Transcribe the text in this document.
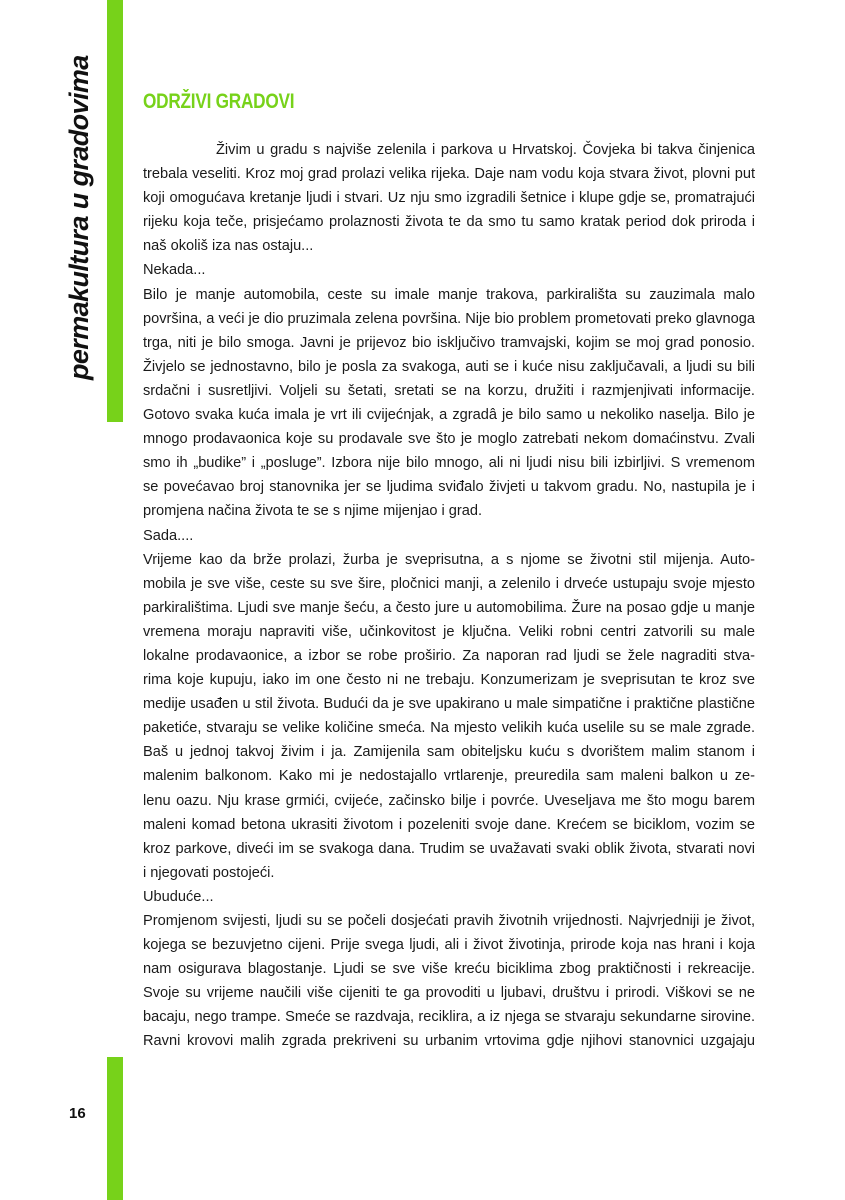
permakultura u gradovima ODRŽIVI GRADOVI
Živim u gradu s najviše zelenila i parkova u Hrvatskoj. Čovjeka bi takva činjenica
trebala veseliti. Kroz moj grad prolazi velika rijeka. Daje nam vodu koja stvara život, plovni put
koji omogućava kretanje ljudi i stvari. Uz nju smo izgradili šetnice i klupe gdje se, promatrajući
rijeku koja teče, prisjećamo prolaznosti života te da smo tu samo kratak period dok priroda i
naš okoliš iza nas ostaju...
Nekada...
Bilo je manje automobila, ceste su imale manje trakova, parkirališta su zauzimala malo
površina, a veći je dio pruzimala zelena površina. Nije bio problem prometovati preko glavnoga
trga, niti je bilo smoga. Javni je prijevoz bio isključivo tramvajski, kojim se moj grad ponosio.
Živjelo se jednostavno, bilo je posla za svakoga, auti se i kuće nisu zaključavali, a ljudi su bili
srdačni i susretljivi. Voljeli su šetati, sretati se na korzu, družiti i razmjenjivati informacije.
Gotovo svaka kuća imala je vrt ili cvijećnjak, a zgradâ je bilo samo u nekoliko naselja. Bilo je
mnogo prodavaonica koje su prodavale sve što je moglo zatrebati nekom domaćinstvu. Zvali
smo ih „budike” i „posluge”. Izbora nije bilo mnogo, ali ni ljudi nisu bili izbirljivi. S vremenom
se povećavao broj stanovnika jer se ljudima sviđalo živjeti u takvom gradu. No, nastupila je i
promjena načina života te se s njime mijenjao i grad.
Sada....
Vrijeme kao da brže prolazi, žurba je sveprisutna, a s njome se životni stil mijenja. Auto-
mobila je sve više, ceste su sve šire, pločnici manji, a zelenilo i drveće ustupaju svoje mjesto
parkiralištima. Ljudi sve manje šeću, a često jure u automobilima. Žure na posao gdje u manje
vremena moraju napraviti više, učinkovitost je ključna. Veliki robni centri zatvorili su male
lokalne prodavaonice, a izbor se robe proširio. Za naporan rad ljudi se žele nagraditi stva-
rima koje kupuju, iako im one često ni ne trebaju. Konzumerizam je sveprisutan te kroz sve
medije usađen u stil života. Budući da je sve upakirano u male simpatične i praktične plastične
paketiće, stvaraju se velike količine smeća. Na mjesto velikih kuća uselile su se male zgrade.
Baš u jednoj takvoj živim i ja. Zamijenila sam obiteljsku kuću s dvorištem malim stanom i
malenim balkonom. Kako mi je nedostajallo vrtlarenje, preuredila sam maleni balkon u ze-
lenu oazu. Nju krase grmići, cvijeće, začinsko bilje i povrće. Uveseljava me što mogu barem
maleni komad betona ukrasiti životom i pozeleniti svoje dane. Krećem se biciklom, vozim se
kroz parkove, diveći im se svakoga dana. Trudim se uvažavati svaki oblik života, stvarati novi
i njegovati postojeći.
Ubuduće...
Promjenom svijesti, ljudi su se počeli dosjećati pravih životnih vrijednosti. Najvrjedniji je život,
kojega se bezuvjetno cijeni. Prije svega ljudi, ali i život životinja, prirode koja nas hrani i koja
nam osigurava blagostanje. Ljudi se sve više kreću biciklima zbog praktičnosti i rekreacije.
Svoje su vrijeme naučili više cijeniti te ga provoditi u ljubavi, društvu i prirodi. Viškovi se ne
bacaju, nego trampe. Smeće se razdvaja, reciklira, a iz njega se stvaraju sekundarne sirovine.
Ravni krovovi malih zgrada prekriveni su urbanim vrtovima gdje njihovi stanovnici uzgajaju
16
